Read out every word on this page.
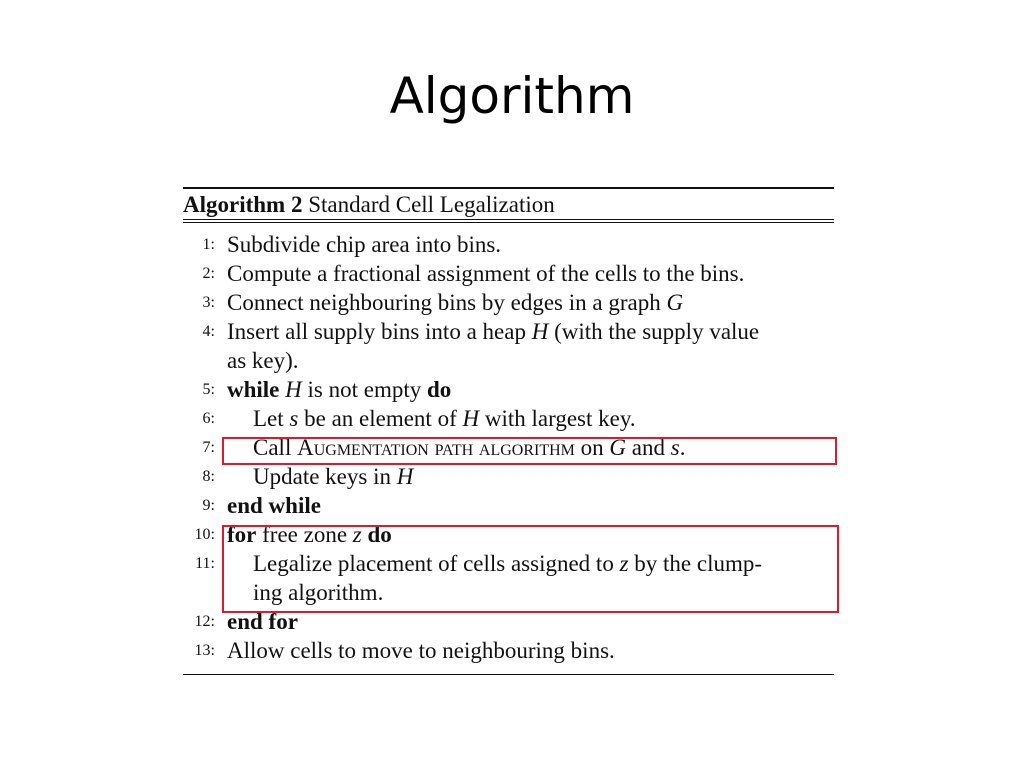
Algorithm
Algorithm 2 Standard Cell Legalization
1: Subdivide chip area into bins.
2: Compute a fractional assignment of the cells to the bins.
3: Connect neighbouring bins by edges in a graph G
4: Insert all supply bins into a heap H (with the supply value
as key).
5: while H is not empty do
6: Let s be an element of H with largest key.
7: Call Augmentation path algorithm on G and s.
8: Update keys in H
9: end while
10: for free zone z do
11: Legalize placement of cells assigned to z by the clump-
ing algorithm.
12: end for
13: Allow cells to move to neighbouring bins.
